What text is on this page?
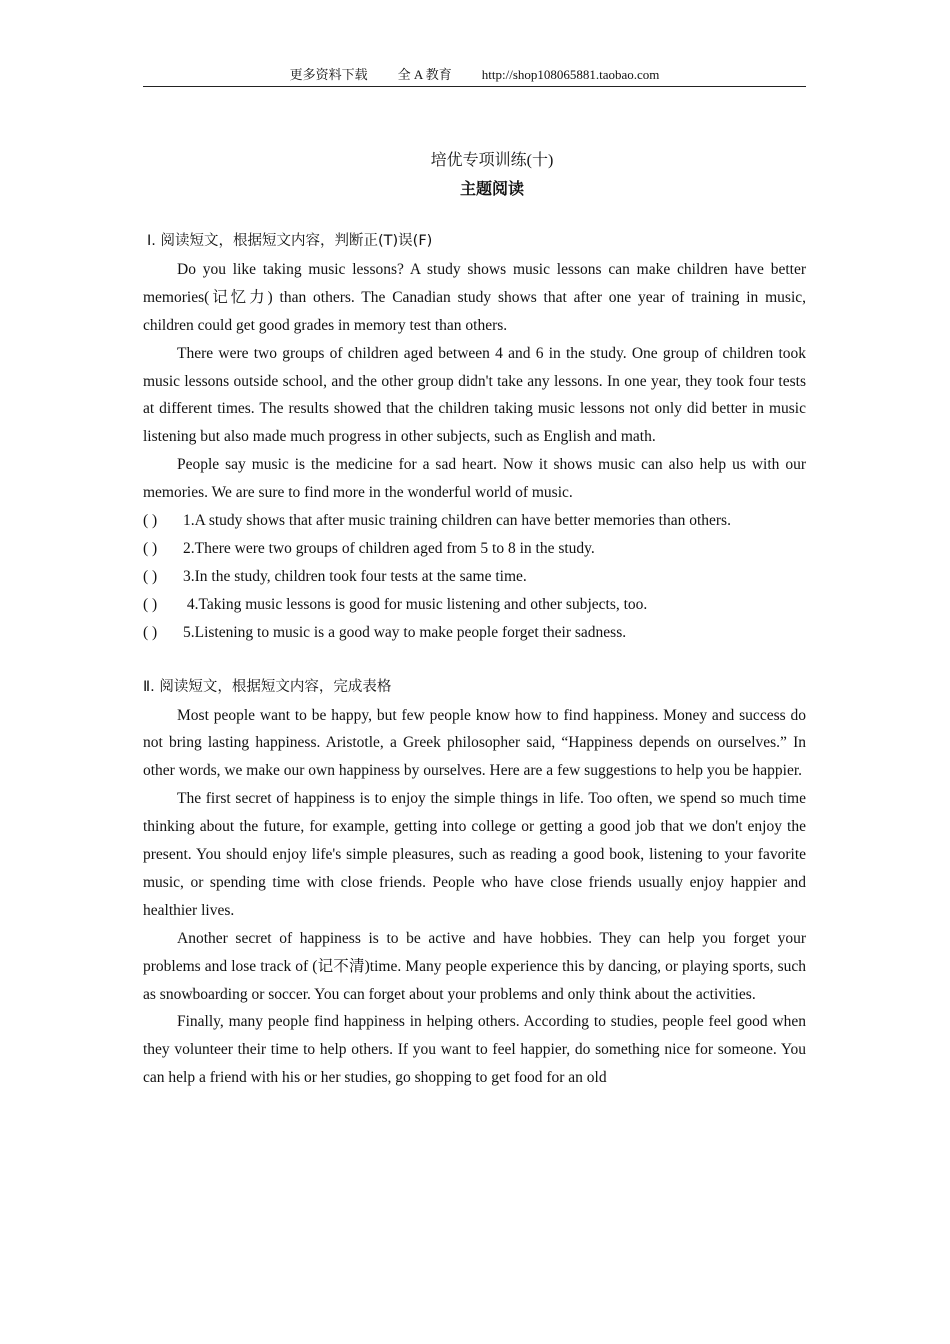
更多资料下载 全 A 教育 http://shop108065881.taobao.com
培优专项训练(十)
主题阅读

Ⅰ. 阅读短文，根据短文内容，判断正(T)误(F)

Do you like taking music lessons? A study shows music lessons can make children have better memories(记忆力) than others. The Canadian study shows that after one year of training in music, children could get good grades in memory test than others.

There were two groups of children aged between 4 and 6 in the study. One group of children took music lessons outside school, and the other group didn't take any lessons. In one year, they took four tests at different times. The results showed that the children taking music lessons not only did better in music listening but also made much progress in other subjects, such as English and math.

People say music is the medicine for a sad heart. Now it shows music can also help us with our memories. We are sure to find more in the wonderful world of music.

( ) 1.A study shows that after music training children can have better memories than others.

( ) 2.There were two groups of children aged from 5 to 8 in the study.

( ) 3.In the study, children took four tests at the same time.

( ) 4.Taking music lessons is good for music listening and other subjects, too.

( ) 5.Listening to music is a good way to make people forget their sadness.

Ⅱ. 阅读短文，根据短文内容，完成表格

Most people want to be happy, but few people know how to find happiness. Money and success do not bring lasting happiness. Aristotle, a Greek philosopher said, “Happiness depends on ourselves.” In other words, we make our own happiness by ourselves. Here are a few suggestions to help you be happier.

The first secret of happiness is to enjoy the simple things in life. Too often, we spend so much time thinking about the future, for example, getting into college or getting a good job that we don't enjoy the present. You should enjoy life's simple pleasures, such as reading a good book, listening to your favorite music, or spending time with close friends. People who have close friends usually enjoy happier and healthier lives.

Another secret of happiness is to be active and have hobbies. They can help you forget your problems and lose track of (记不清)time. Many people experience this by dancing, or playing sports, such as snowboarding or soccer. You can forget about your problems and only think about the activities.

Finally, many people find happiness in helping others. According to studies, people feel good when they volunteer their time to help others. If you want to feel happier, do something nice for someone. You can help a friend with his or her studies, go shopping to get food for an old
